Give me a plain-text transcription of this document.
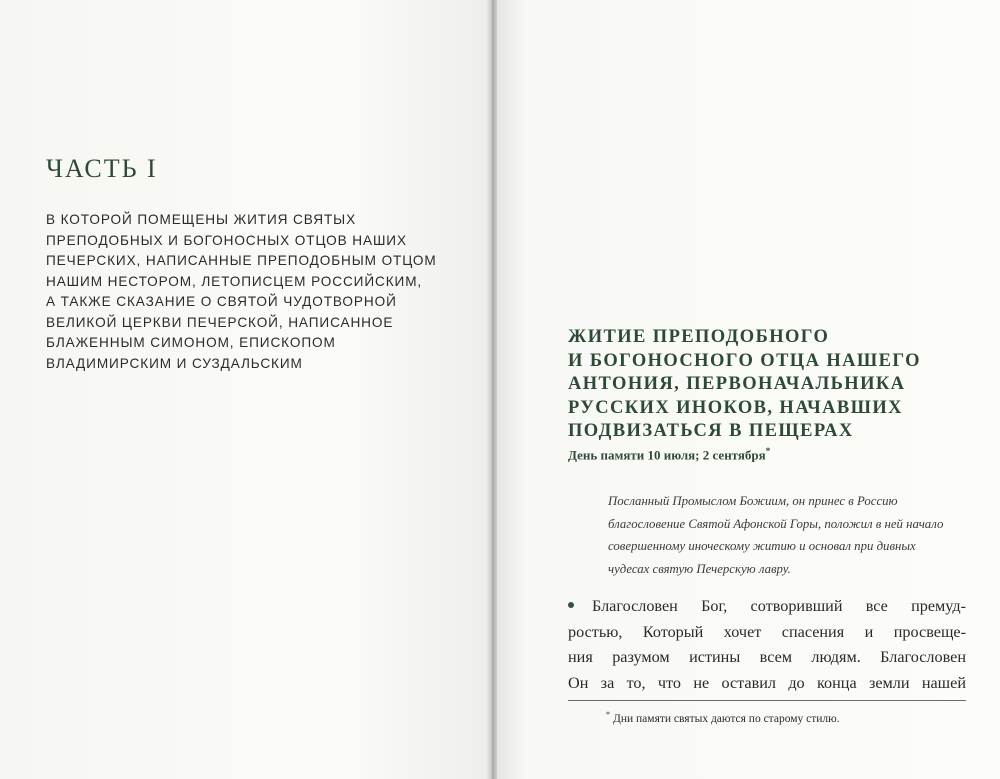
ЧАСТЬ I

В КОТОРОЙ ПОМЕЩЕНЫ ЖИТИЯ СВЯТЫХ
ПРЕПОДОБНЫХ И БОГОНОСНЫХ ОТЦОВ НАШИХ
ПЕЧЕРСКИХ, НАПИСАННЫЕ ПРЕПОДОБНЫМ ОТЦОМ
НАШИМ НЕСТОРОМ, ЛЕТОПИСЦЕМ РОССИЙСКИМ,
А ТАКЖЕ СКАЗАНИЕ О СВЯТОЙ ЧУДОТВОРНОЙ
ВЕЛИКОЙ ЦЕРКВИ ПЕЧЕРСКОЙ, НАПИСАННОЕ
БЛАЖЕННЫМ СИМОНОМ, ЕПИСКОПОМ
ВЛАДИМИРСКИМ И СУЗДАЛЬСКИМ

ЖИТИЕ ПРЕПОДОБНОГО
И БОГОНОСНОГО ОТЦА НАШЕГО
АНТОНИЯ, ПЕРВОНАЧАЛЬНИКА
РУССКИХ ИНОКОВ, НАЧАВШИХ
ПОДВИЗАТЬСЯ В ПЕЩЕРАХ
День памяти 10 июля; 2 сентября*

Посланный Промыслом Божиим, он принес в Россию
благословение Святой Афонской Горы, положил в ней начало
совершенному иноческому житию и основал при дивных
чудесах святую Печерскую лавру.

Благословен Бог, сотворивший все премуд-
ростью, Который хочет спасения и просвеще-
ния разумом истины всем людям. Благословен
Он за то, что не оставил до конца земли нашей

* Дни памяти святых даются по старому стилю.
